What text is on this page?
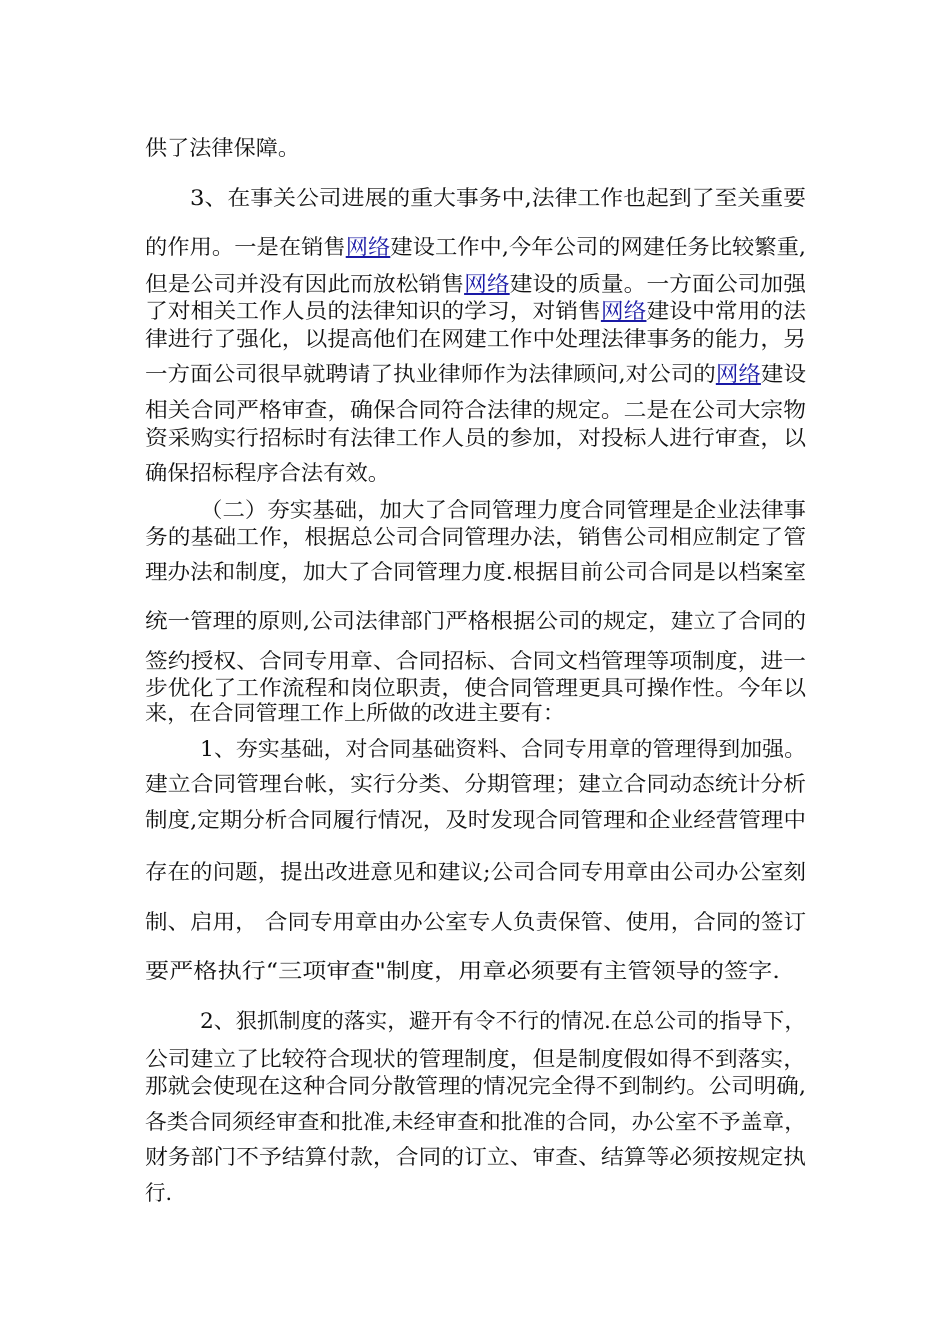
供了法律保障。
3、在事关公司进展的重大事务中,法律工作也起到了至关重要
的作用。一是在销售网络建设工作中,今年公司的网建任务比较繁重,
但是公司并没有因此而放松销售网络建设的质量。一方面公司加强
了对相关工作人员的法律知识的学习，对销售网络建设中常用的法
律进行了强化，以提高他们在网建工作中处理法律事务的能力，另
一方面公司很早就聘请了执业律师作为法律顾问,对公司的网络建设
相关合同严格审查，确保合同符合法律的规定。二是在公司大宗物
资采购实行招标时有法律工作人员的参加，对投标人进行审查，以
确保招标程序合法有效。
（二）夯实基础，加大了合同管理力度合同管理是企业法律事
务的基础工作，根据总公司合同管理办法，销售公司相应制定了管
理办法和制度，加大了合同管理力度.根据目前公司合同是以档案室
统一管理的原则,公司法律部门严格根据公司的规定，建立了合同的
签约授权、合同专用章、合同招标、合同文档管理等项制度，进一
步优化了工作流程和岗位职责，使合同管理更具可操作性。今年以
来，在合同管理工作上所做的改进主要有：
1、夯实基础，对合同基础资料、合同专用章的管理得到加强。
建立合同管理台帐，实行分类、分期管理；建立合同动态统计分析
制度,定期分析合同履行情况，及时发现合同管理和企业经营管理中
存在的问题，提出改进意见和建议;公司合同专用章由公司办公室刻
制、启用， 合同专用章由办公室专人负责保管、使用，合同的签订
要严格执行“三项审查"制度，用章必须要有主管领导的签字.
2、狠抓制度的落实，避开有令不行的情况.在总公司的指导下，
公司建立了比较符合现状的管理制度，但是制度假如得不到落实，
那就会使现在这种合同分散管理的情况完全得不到制约。公司明确,
各类合同须经审查和批准,未经审查和批准的合同，办公室不予盖章，
财务部门不予结算付款，合同的订立、审查、结算等必须按规定执
行.
